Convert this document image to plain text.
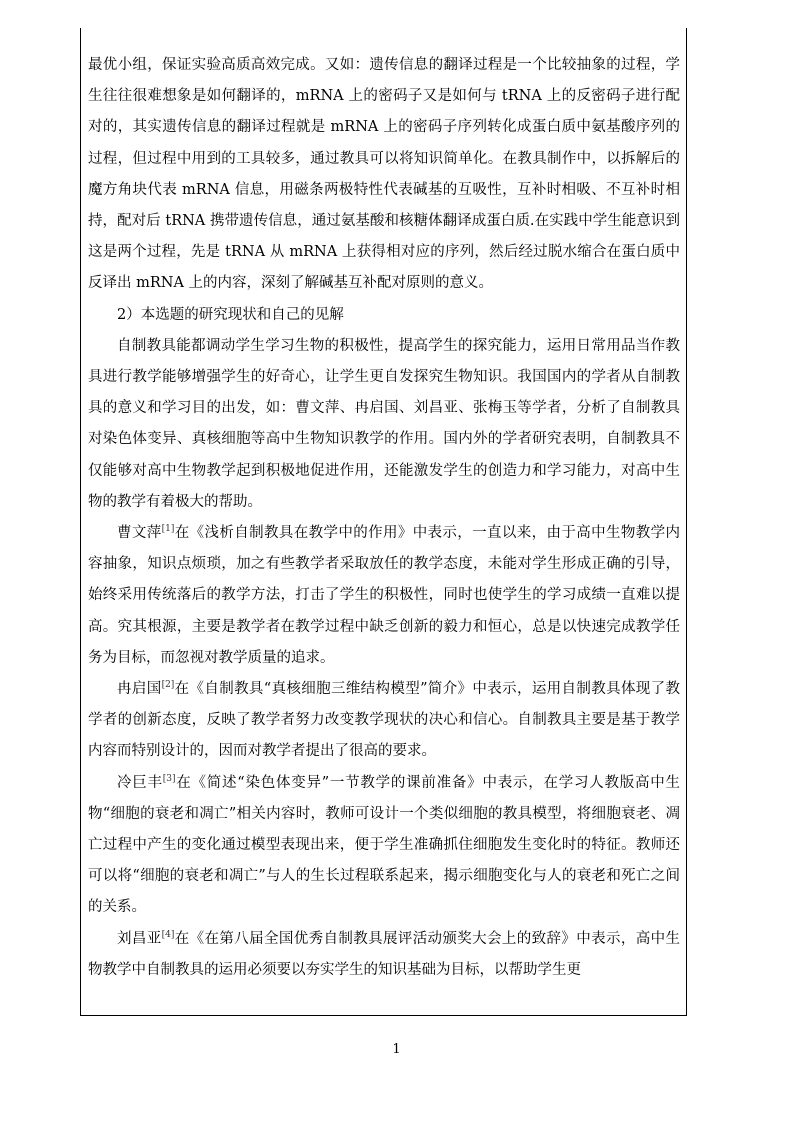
最优小组，保证实验高质高效完成。又如：遗传信息的翻译过程是一个比较抽象的过程，学生往往很难想象是如何翻译的，mRNA 上的密码子又是如何与 tRNA 上的反密码子进行配对的，其实遗传信息的翻译过程就是 mRNA 上的密码子序列转化成蛋白质中氨基酸序列的过程，但过程中用到的工具较多，通过教具可以将知识简单化。在教具制作中，以拆解后的魔方角块代表 mRNA 信息，用磁条两极特性代表碱基的互吸性，互补时相吸、不互补时相持，配对后 tRNA 携带遗传信息，通过氨基酸和核糖体翻译成蛋白质.在实践中学生能意识到这是两个过程，先是 tRNA 从 mRNA 上获得相对应的序列，然后经过脱水缩合在蛋白质中反译出 mRNA 上的内容，深刻了解碱基互补配对原则的意义。

2）本选题的研究现状和自己的见解

自制教具能都调动学生学习生物的积极性，提高学生的探究能力，运用日常用品当作教具进行教学能够增强学生的好奇心，让学生更自发探究生物知识。我国国内的学者从自制教具的意义和学习目的出发，如：曹文萍、冉启国、刘昌亚、张梅玉等学者，分析了自制教具对染色体变异、真核细胞等高中生物知识教学的作用。国内外的学者研究表明，自制教具不仅能够对高中生物教学起到积极地促进作用，还能激发学生的创造力和学习能力，对高中生物的教学有着极大的帮助。

曹文萍[1]在《浅析自制教具在教学中的作用》中表示，一直以来，由于高中生物教学内容抽象，知识点烦琐，加之有些教学者采取放任的教学态度，未能对学生形成正确的引导，始终采用传统落后的教学方法，打击了学生的积极性，同时也使学生的学习成绩一直难以提高。究其根源，主要是教学者在教学过程中缺乏创新的毅力和恒心，总是以快速完成教学任务为目标，而忽视对教学质量的追求。

冉启国[2]在《自制教具“真核细胞三维结构模型”简介》中表示，运用自制教具体现了教学者的创新态度，反映了教学者努力改变教学现状的决心和信心。自制教具主要是基于教学内容而特别设计的，因而对教学者提出了很高的要求。

冷巨丰[3]在《简述“染色体变异”一节教学的课前准备》中表示，在学习人教版高中生物“细胞的衰老和凋亡”相关内容时，教师可设计一个类似细胞的教具模型，将细胞衰老、凋亡过程中产生的变化通过模型表现出来，便于学生准确抓住细胞发生变化时的特征。教师还可以将“细胞的衰老和凋亡”与人的生长过程联系起来，揭示细胞变化与人的衰老和死亡之间的关系。

刘昌亚[4]在《在第八届全国优秀自制教具展评活动颁奖大会上的致辞》中表示，高中生物教学中自制教具的运用必须要以夯实学生的知识基础为目标，以帮助学生更

1
